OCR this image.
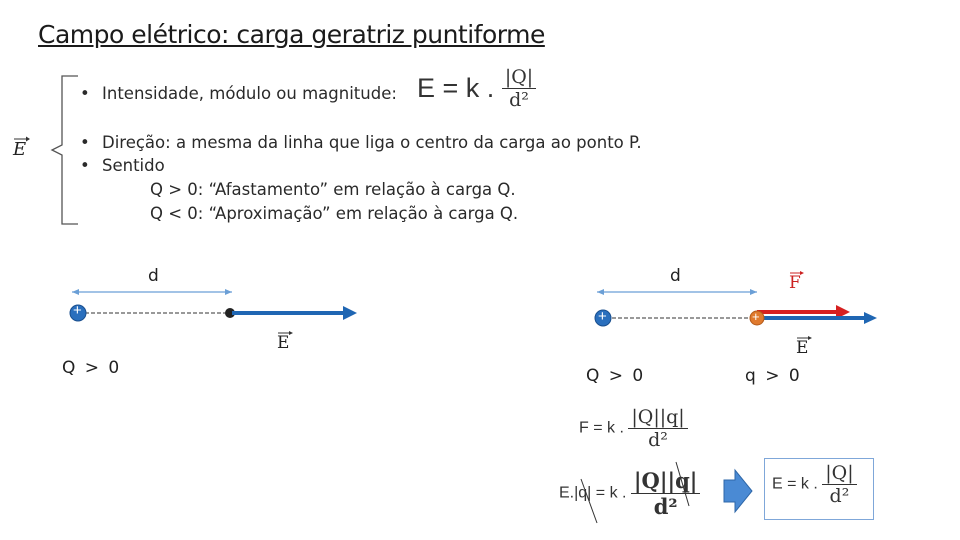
Campo elétrico: carga geratriz puntiforme
E
• Intensidade, módulo ou magnitude: E = k . $\frac{|Q|}{\text{d²}}$
• Direção: a mesma da linha que liga o centro da carga ao ponto P.
• Sentido
Q > 0: “Afastamento” em relação à carga Q.
Q < 0: “Aproximação” em relação à carga Q.
d
+
Q > 0
E
d
+	+
Q > 0	q > 0
F
E
F = k . $\frac{|Q||q|}{\text{d²}}$
E.|q| = k . $\frac{|Q||q|}{\text{d²}}$	E = k . $\frac{|Q|}{\text{d²}}$
